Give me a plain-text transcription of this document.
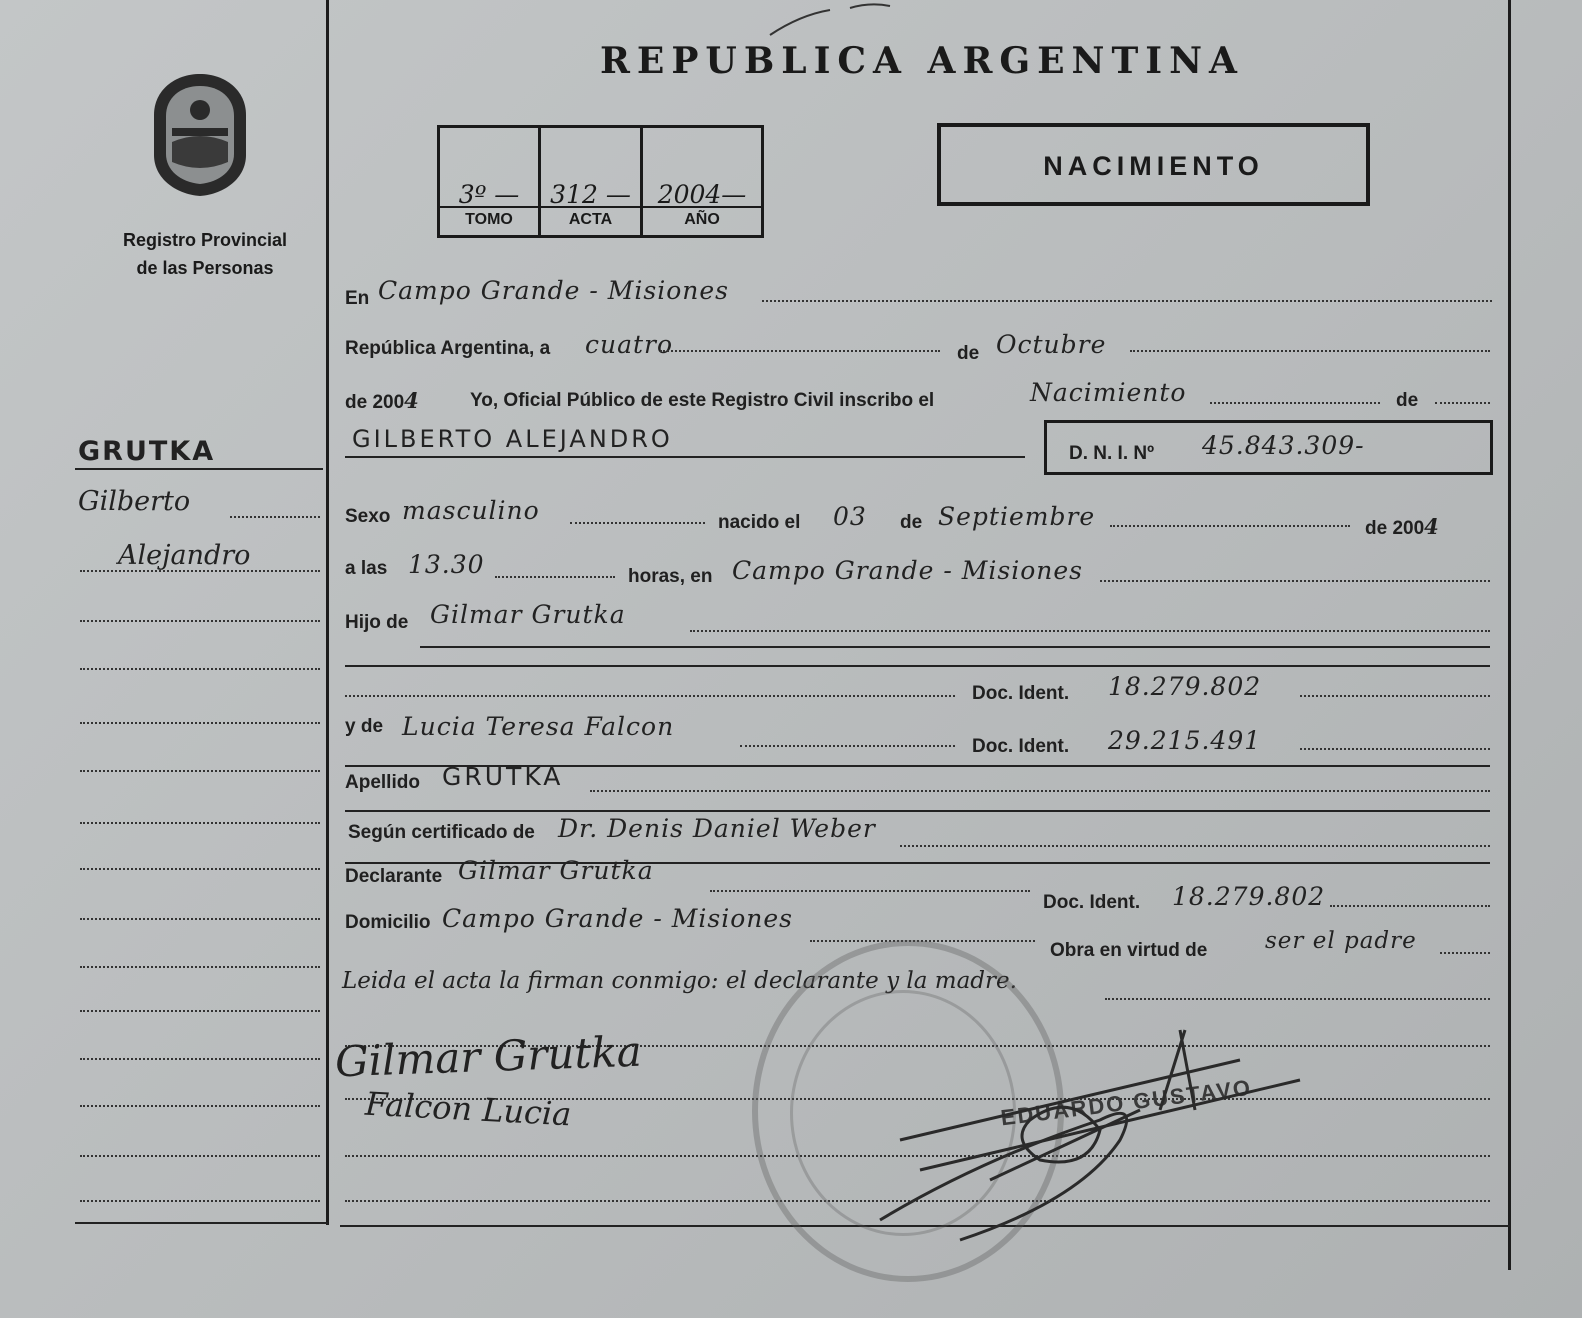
Registro Provincial
de las Personas
REPUBLICA ARGENTINA
3º —
TOMO
312 —
ACTA
2004—
AÑO
NACIMIENTO
GRUTKA
Gilberto
Alejandro
En Campo Grande - Misiones
República Argentina, a cuatro	de Octubre
de 2004	Yo, Oficial Público de este Registro Civil inscribo el	Nacimiento	de
GILBERTO ALEJANDRO
D. N. I. Nº 45.843.309-
Sexo masculino	nacido el 03 de Septiembre	de 2004
a las 13.30	horas, en Campo Grande - Misiones
Hijo de Gilmar Grutka
Doc. Ident. 18.279.802
y de Lucia Teresa Falcon
Doc. Ident. 29.215.491
Apellido GRUTKA
Según certificado de Dr. Denis Daniel Weber
Declarante Gilmar Grutka
Doc. Ident. 18.279.802
Domicilio Campo Grande - Misiones
Obra en virtud de	ser el padre
Leida el acta la firman conmigo: el declarante y la madre.
EDUARDO GUSTAVO
Gilmar Grutka
Falcon Lucia
